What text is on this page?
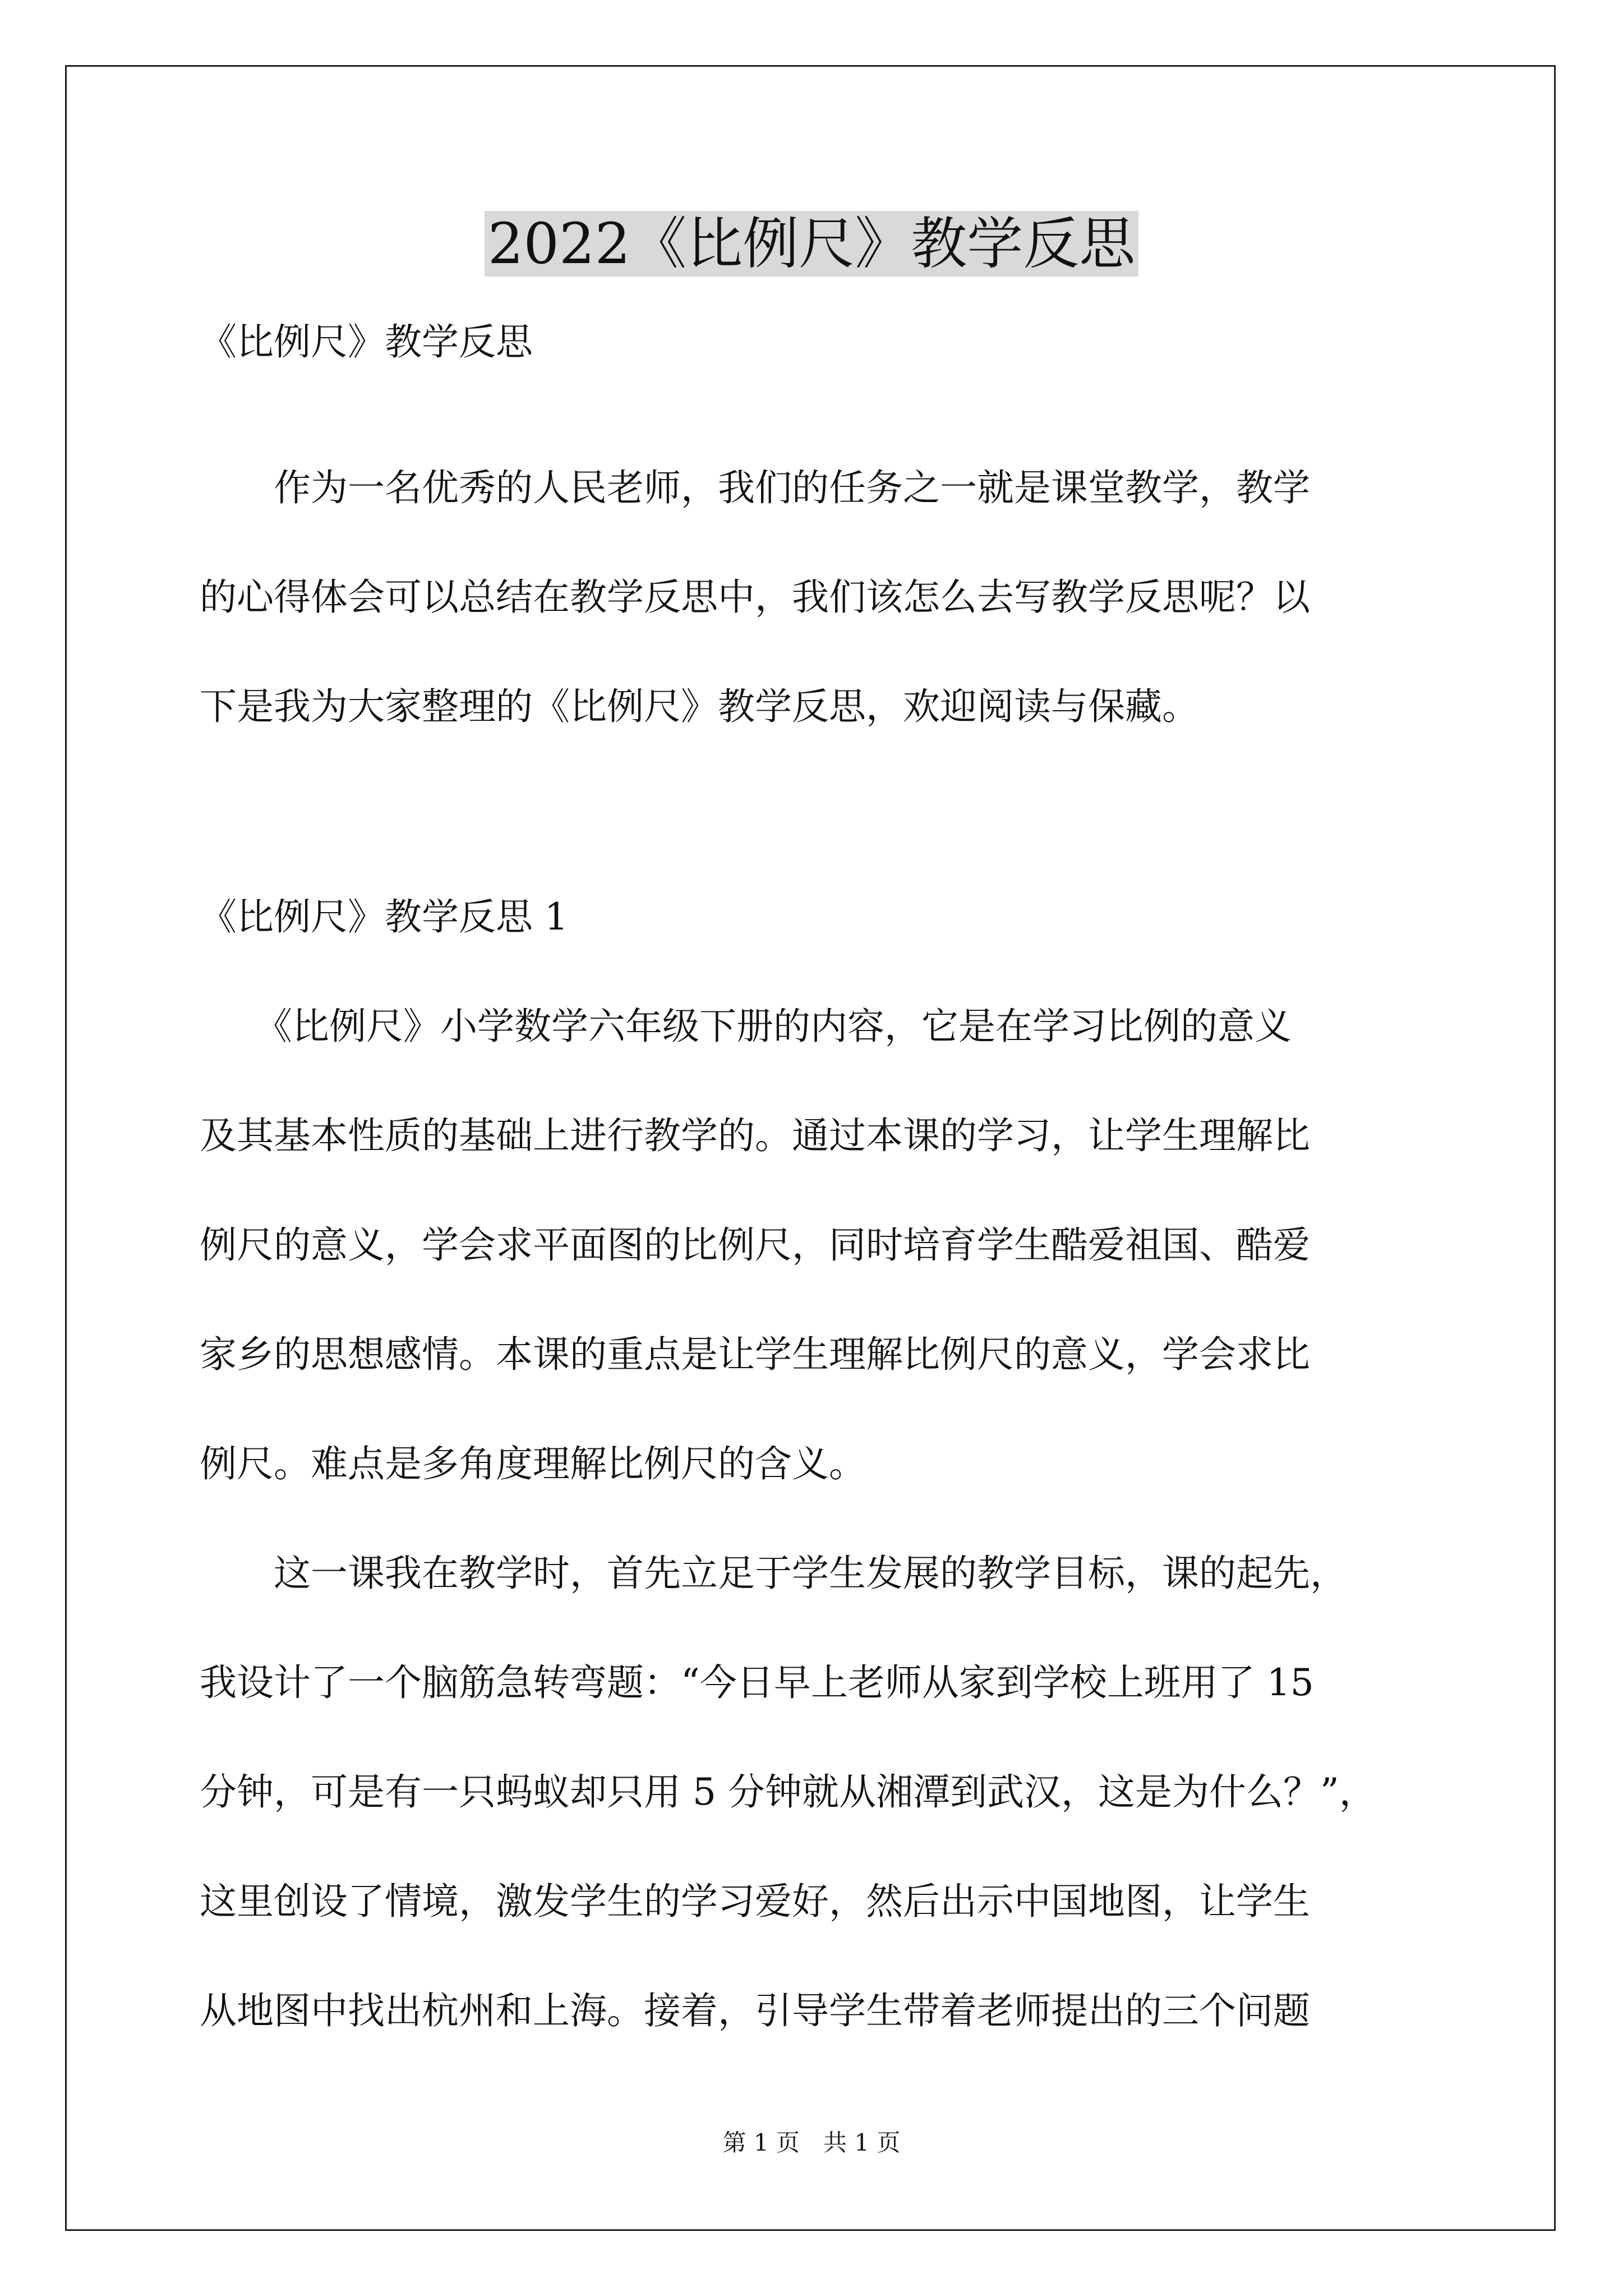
2022《比例尺》教学反思

《比例尺》教学反思

　　作为一名优秀的人民老师，我们的任务之一就是课堂教学，教学

的心得体会可以总结在教学反思中，我们该怎么去写教学反思呢？以

下是我为大家整理的《比例尺》教学反思，欢迎阅读与保藏。

《比例尺》教学反思 1

　　《比例尺》小学数学六年级下册的内容，它是在学习比例的意义

及其基本性质的基础上进行教学的。通过本课的学习，让学生理解比

例尺的意义，学会求平面图的比例尺，同时培育学生酷爱祖国、酷爱

家乡的思想感情。本课的重点是让学生理解比例尺的意义，学会求比

例尺。难点是多角度理解比例尺的含义。

　　这一课我在教学时，首先立足于学生发展的教学目标，课的起先，

我设计了一个脑筋急转弯题：“今日早上老师从家到学校上班用了 15

分钟，可是有一只蚂蚁却只用 5 分钟就从湘潭到武汉，这是为什么？”，

这里创设了情境，激发学生的学习爱好，然后出示中国地图，让学生

从地图中找出杭州和上海。接着，引导学生带着老师提出的三个问题

第 1 页　共 1 页
